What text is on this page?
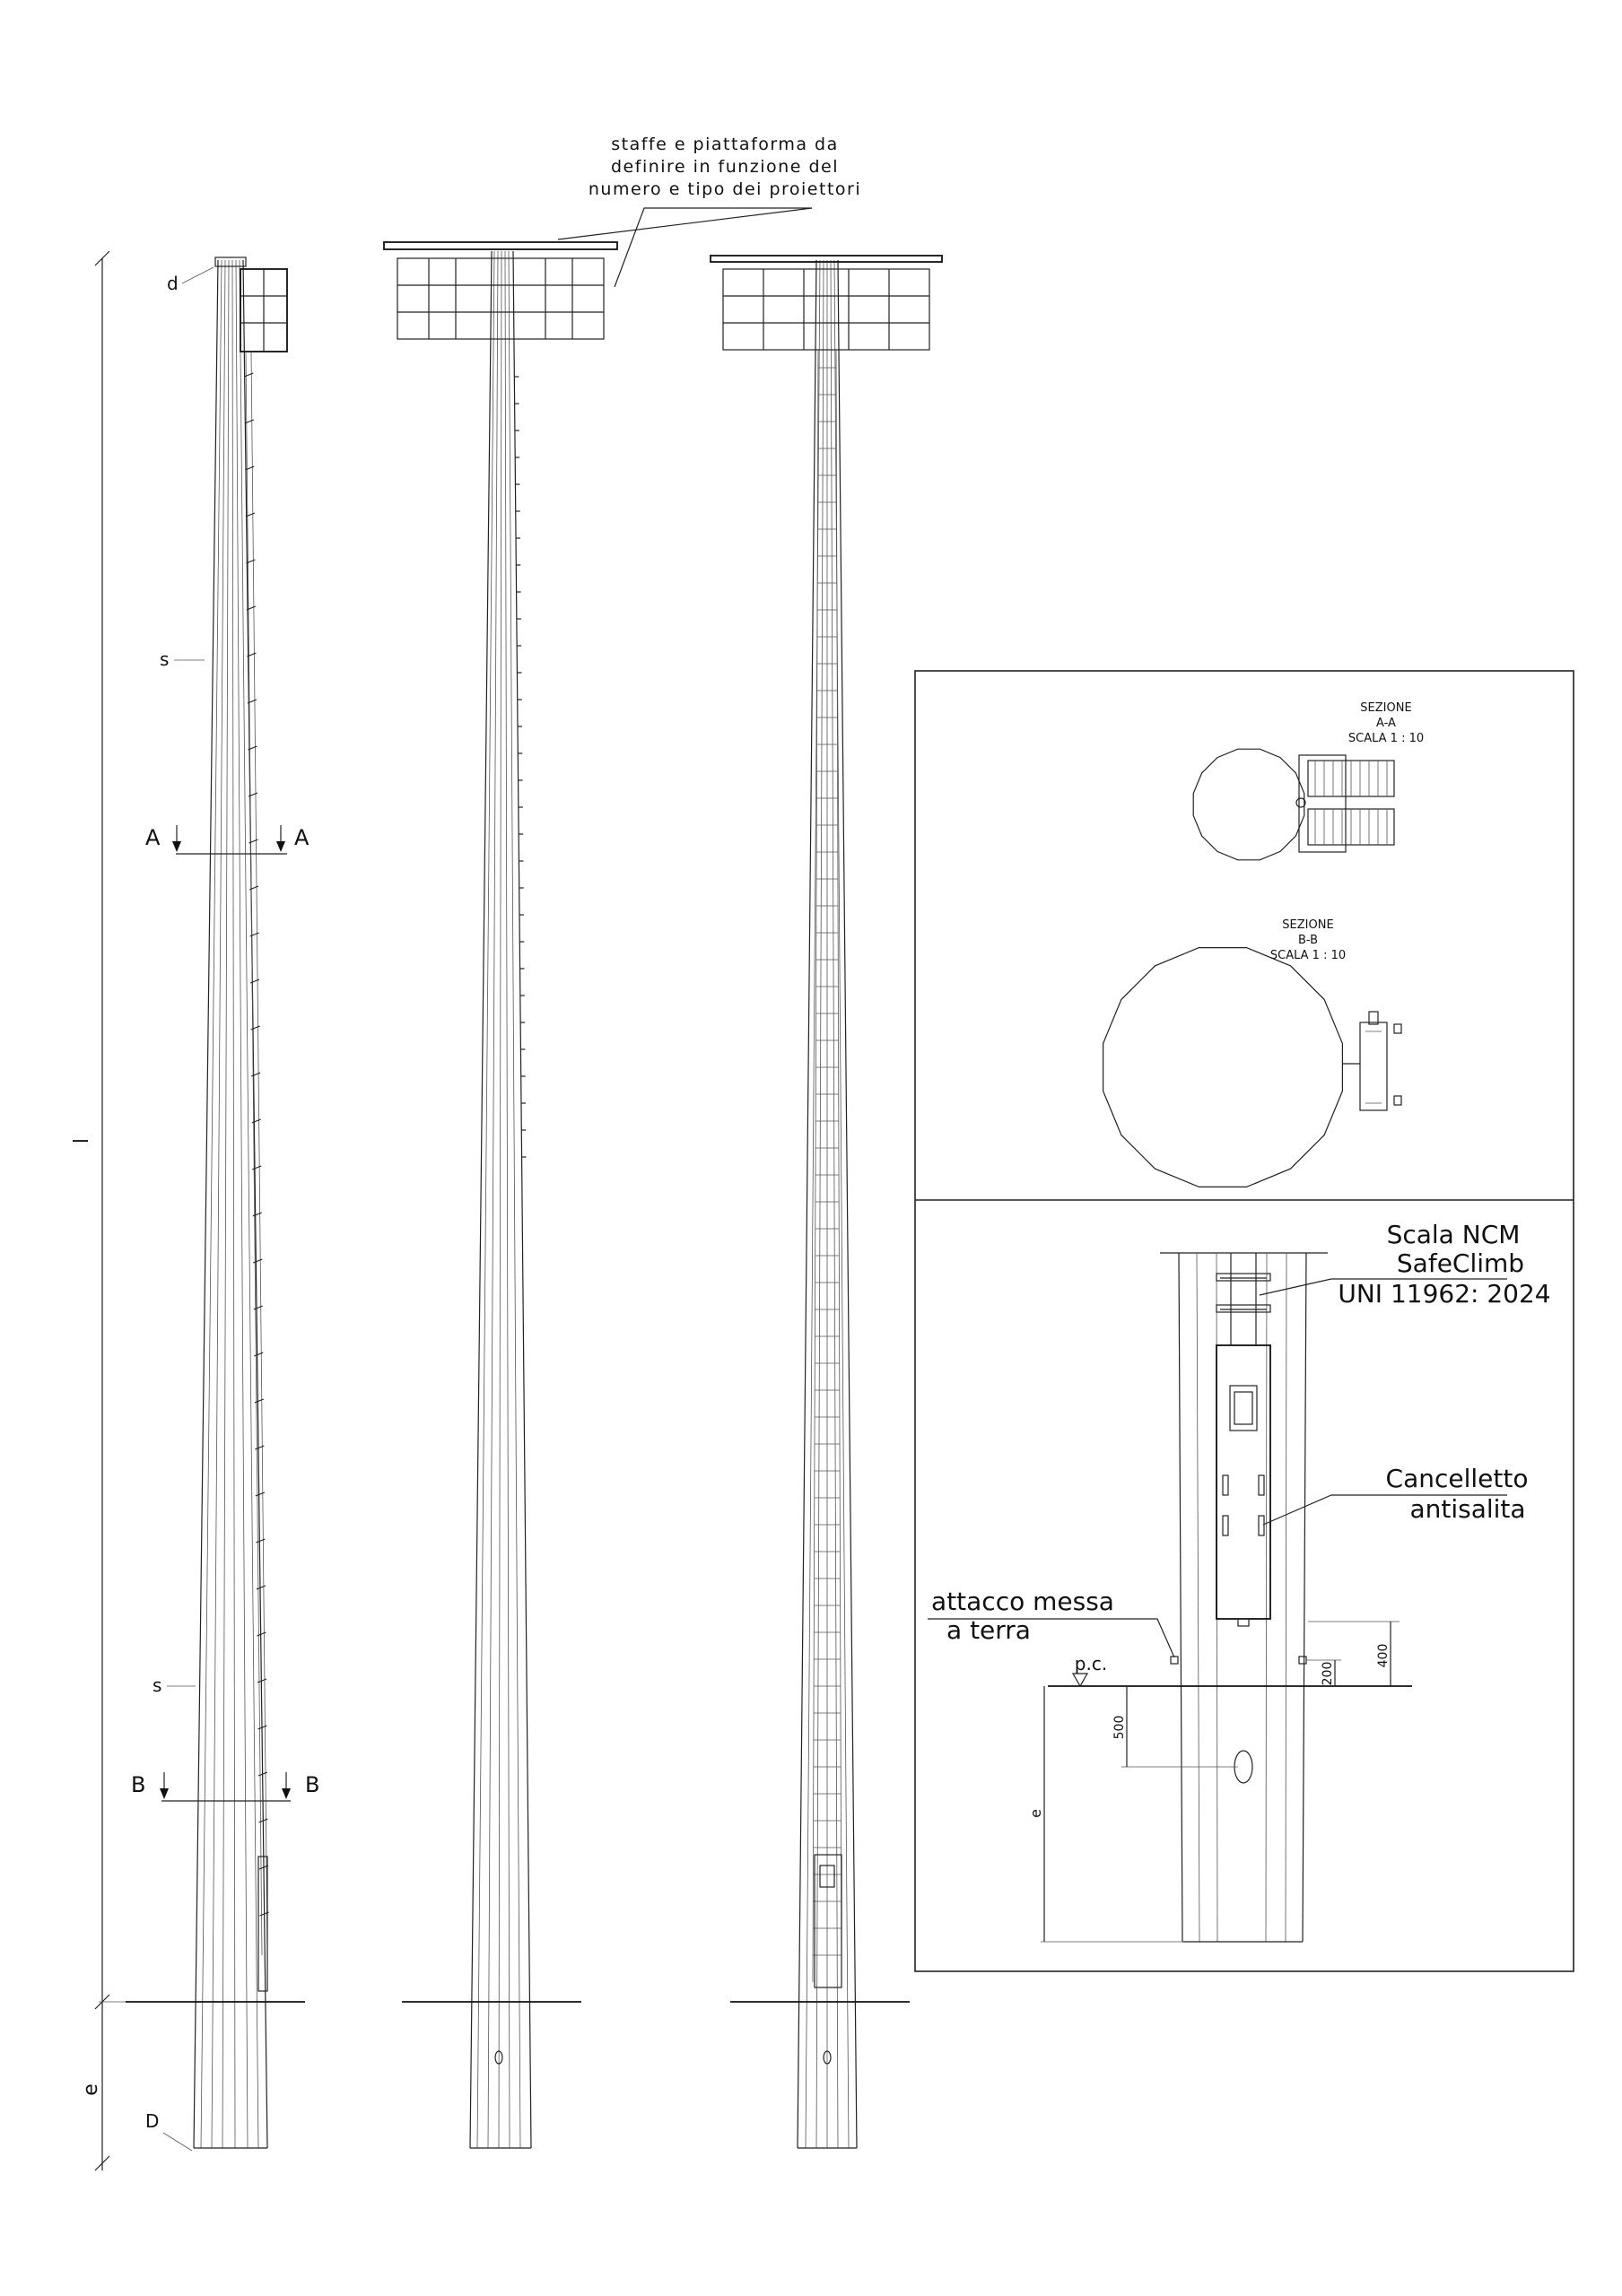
staffe e piattaforma da
definire in funzione del
numero e tipo dei proiettori
l
e
d
s
s
D
A	A
B	B
SEZIONE
A-A
SCALA 1 : 10
SEZIONE
B-B
SCALA 1 : 10
Scala NCM
SafeClimb
UNI 11962: 2024
Cancelletto
antisalita
attacco messa
a terra
p.c.	400
200
500
e
